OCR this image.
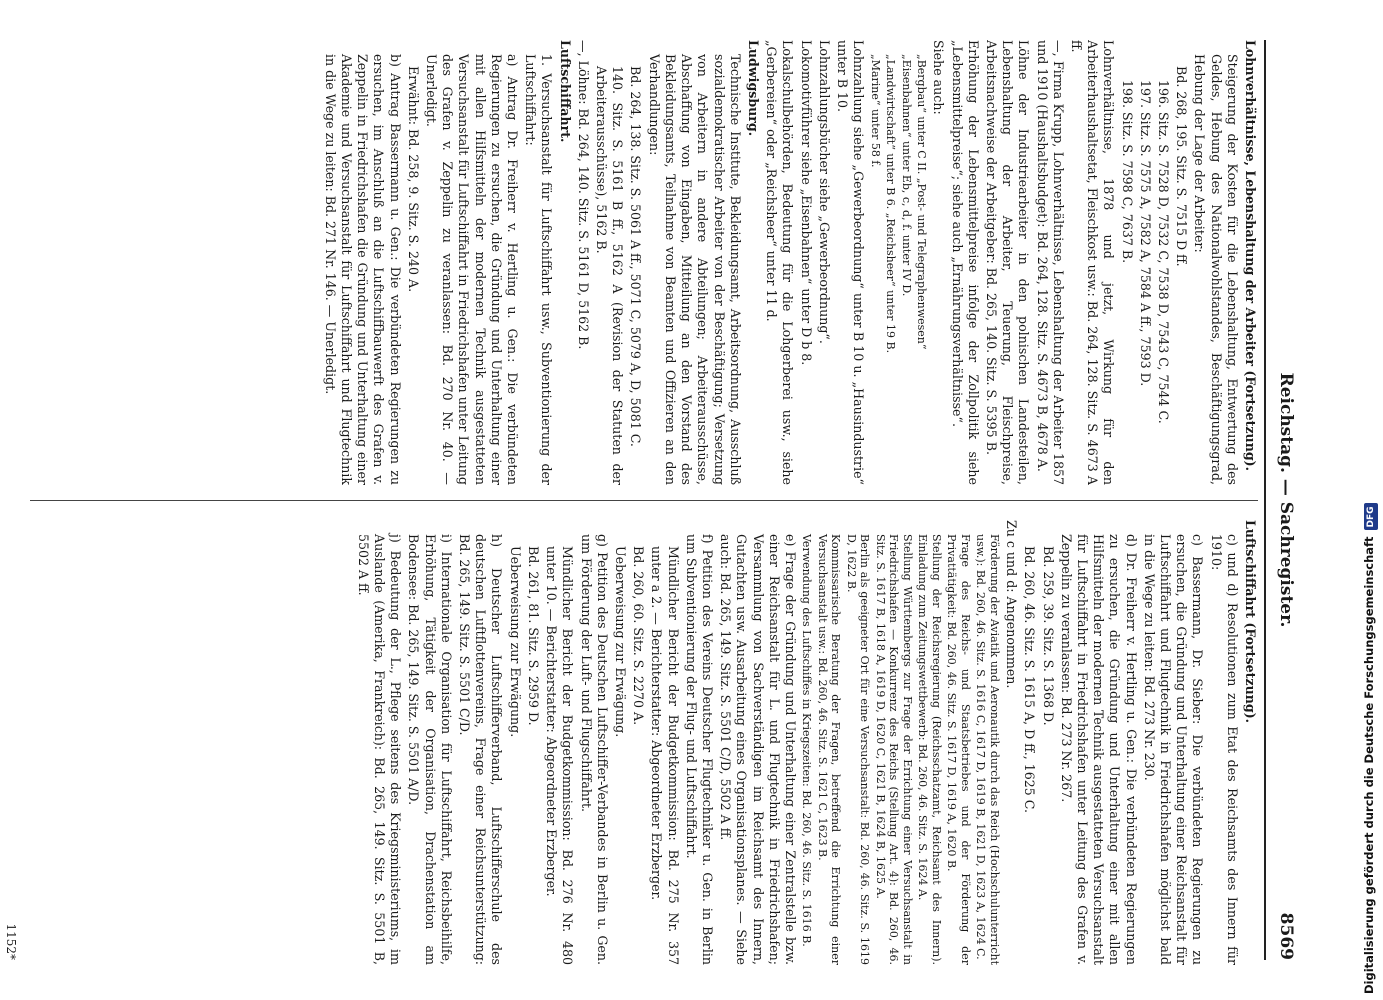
Reichstag. — Sachregister.
8569

Lohnverhältnisse, Lebenshaltung der Arbeiter (Fortsetzung).

Steigerung der Kosten für die Lebenshaltung, Entwertung des Geldes, Hebung des Nationalwohlstandes, Beschäftigungsgrad, Hebung der Lage der Arbeiter:

Bd. 268, 195. Sitz. S. 7515 D ff.

196. Sitz. S. 7528 D, 7532 C, 7538 D, 7543 C, 7544 C.

197. Sitz. S. 7575 A, 7582 A, 7584 A ff., 7593 D.

198. Sitz. S. 7598 C, 7637 B.

Lohnverhältnisse, 1878 und jetzt, Wirkung für den Arbeiterhaushaltsetat, Fleischkost usw.: Bd. 264, 128. Sitz. S. 4673 A ff.

—, Firma Krupp, Lohnverhältnisse, Lebenshaltung der Arbeiter 1857 und 1910 (Haushaltsbudget): Bd. 264, 128. Sitz. S. 4673 B, 4678 A.

Löhne der Industriearbeiter in den polnischen Landesteilen, Lebenshaltung der Arbeiter, Teuerung, Fleischpreise, Arbeitsnachweise der Arbeitgeber: Bd. 265, 140. Sitz. S. 5395 B.

Erhöhung der Lebensmittelpreise infolge der Zollpolitik siehe „Lebensmittelpreise“; siehe auch „Ernährungsverhältnisse“.

Siehe auch:

„Bergbau“ unter C II. „Post- und Telegraphenwesen“

„Eisenbahnen“ unter Eb, c, d, f. unter IV D.

„Landwirtschaft“ unter B 6. „Reichsheer“ unter 19 B.

„Marine“ unter 58 f.

Lohnzahlung siehe „Gewerbeordnung“ unter B 10 u. „Hausindustrie“ unter B 10.

Lohnzahlungsbücher siehe „Gewerbeordnung“.

Lokomotivführer siehe „Eisenbahnen“ unter D b 8.

Lokalschulbehörden, Bedeutung für die Lohgerberei usw., siehe „Gerbereien“ oder „Reichsheer“ unter 11 d.

Ludwigsburg.

Technische Institute, Bekleidungsamt, Arbeitsordnung, Ausschluß sozialdemokratischer Arbeiter von der Beschäftigung; Versetzung von Arbeitern in andere Abteilungen; Arbeiterausschüsse, Abschaffung von Eingaben, Mitteilung an den Vorstand des Bekleidungsamts, Teilnahme von Beamten und Offizieren an den Verhandlungen:

Bd. 264, 138. Sitz. S. 5061 A ff., 5071 C, 5079 A, D, 5081 C.

140. Sitz. S. 5161 B ff., 5162 A (Revision der Statuten der Arbeiterausschüsse), 5162 B.

—, Löhne: Bd. 264, 140. Sitz. S. 5161 D, 5162 B.

Luftschiffahrt.

1. Versuchsanstalt für Luftschiffahrt usw., Subventionierung der Luftschiffahrt:

a) Antrag Dr. Freiherr v. Hertling u. Gen.: Die verbündeten Regierungen zu ersuchen, die Gründung und Unterhaltung einer mit allen Hilfsmitteln der modernen Technik ausgestatteten Versuchsanstalt für Luftschiffahrt in Friedrichshafen unter Leitung des Grafen v. Zeppelin zu veranlassen: Bd. 270 Nr. 40. — Unerledigt.

Erwähnt: Bd. 258, 9. Sitz. S. 240 A.

b) Antrag Bassermann u. Gen.: Die verbündeten Regierungen zu ersuchen, im Anschluß an die Luftschiffbauwerft des Grafen v. Zeppelin in Friedrichshafen die Gründung und Unterhaltung einer Akademie und Versuchsanstalt für Luftschiffahrt und Flugtechnik in die Wege zu leiten: Bd. 271 Nr. 146. — Unerledigt.

Luftschiffahrt (Fortsetzung).

c) und d) Resolutionen zum Etat des Reichsamts des Innern für 1910:

c) Bassermann, Dr. Sieber: Die verbündeten Regierungen zu ersuchen, die Gründung und Unterhaltung einer Reichsanstalt für Luftschiffahrt und Flugtechnik in Friedrichshafen möglichst bald in die Wege zu leiten: Bd. 273 Nr. 230.

d) Dr. Freiherr v. Hertling u. Gen.: Die verbündeten Regierungen zu ersuchen, die Gründung und Unterhaltung einer mit allen Hilfsmitteln der modernen Technik ausgestatteten Versuchsanstalt für Luftschiffahrt in Friedrichshafen unter Leitung des Grafen v. Zeppelin zu veranlassen: Bd. 273 Nr. 267.

Bd. 259, 39. Sitz. S. 1368 D.

Bd. 260, 46. Sitz. S. 1615 A, D ff., 1625 C.

Zu c und d: Angenommen.

Förderung der Aviatik und Aeronautik durch das Reich (Hochschulunterricht usw.): Bd. 260, 46. Sitz. S. 1616 C, 1617 D, 1619 B, 1621 D, 1623 A, 1624 C.

Frage des Reichs- und Staatsbetriebes und der Förderung der Privattätigkeit: Bd. 260, 46. Sitz. S. 1617 D, 1619 A, 1620 B.

Stellung der Reichsregierung (Reichsschatzamt, Reichsamt des Innern). Einladung zum Zeitungswettbewerb: Bd. 260, 46. Sitz. S. 1624 A.

Stellung Württembergs zur Frage der Errichtung einer Versuchsanstalt in Friedrichshafen — Konkurrenz des Reichs (Stellung Art. 4): Bd. 260, 46. Sitz. S. 1617 B, 1618 A, 1619 D, 1620 C, 1621 B, 1624 B, 1625 A.

Berlin als geeigneter Ort für eine Versuchsanstalt: Bd. 260, 46. Sitz. S. 1619 D, 1622 B.

Kommissarische Beratung der Fragen, betreffend die Errichtung einer Versuchsanstalt usw.: Bd. 260, 46. Sitz. S. 1621 C, 1623 B.

Verwendung des Luftschiffes in Kriegszeiten: Bd. 260, 46. Sitz. S. 1616 B.

e) Frage der Gründung und Unterhaltung einer Zentralstelle bzw. einer Reichsanstalt für L. und Flugtechnik in Friedrichshafen; Versammlung von Sachverständigen im Reichsamt des Innern, Gutachten usw. Ausarbeitung eines Organisationsplanes. — Siehe auch: Bd. 265, 149. Sitz. S. 5501 C/D, 5502 A ff.

f) Petition des Vereins Deutscher Flugtechniker u. Gen. in Berlin um Subventionierung der Flug- und Luftschiffahrt.

Mündlicher Bericht der Budgetkommission: Bd. 275 Nr. 357 unter a 2. — Berichterstatter: Abgeordneter Erzberger.

Bd. 260, 60. Sitz. S. 2270 A.

Ueberweisung zur Erwägung.

g) Petition des Deutschen Luftschiffer-Verbandes in Berlin u. Gen. um Förderung der Luft- und Flugschiffahrt.

Mündlicher Bericht der Budgetkommission: Bd. 276 Nr. 480 unter 10. — Berichterstatter: Abgeordneter Erzberger.

Bd. 261, 81. Sitz. S. 2959 D.

Ueberweisung zur Erwägung.

h) Deutscher Luftschifferverband, Luftschifferschule des deutschen Luftflottenvereins, Frage einer Reichsunterstützung: Bd. 265, 149. Sitz. S. 5501 C/D.

i) Internationale Organisation für Luftschiffahrt, Reichsbeihilfe, Erhöhung, Tätigkeit der Organisation, Drachenstation am Bodensee: Bd. 265, 149. Sitz. S. 5501 A/D.

j) Bedeutung der L., Pflege seitens des Kriegsministeriums, im Auslande (Amerika, Frankreich): Bd. 265, 149. Sitz. S. 5501 B, 5502 A ff.

1152*	Digitalisierung gefördert durch die Deutsche ForschungsgemeinschaftDFG
